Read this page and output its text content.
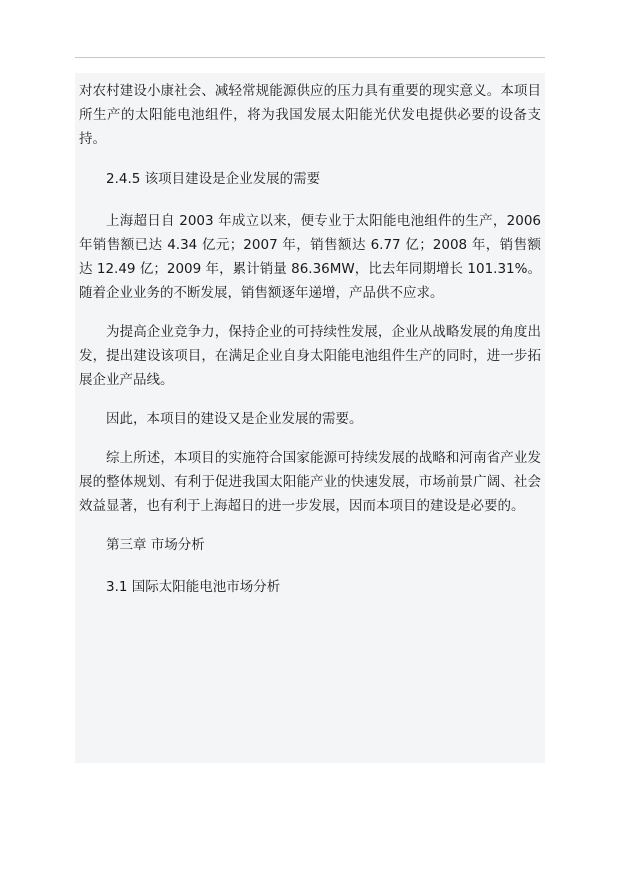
对农村建设小康社会、减轻常规能源供应的压力具有重要的现实意义。本项目所生产的太阳能电池组件，将为我国发展太阳能光伏发电提供必要的设备支持。

2.4.5 该项目建设是企业发展的需要

上海超日自 2003 年成立以来，便专业于太阳能电池组件的生产，2006 年销售额已达 4.34 亿元；2007 年，销售额达 6.77 亿；2008 年，销售额达 12.49 亿；2009 年，累计销量 86.36MW，比去年同期增长 101.31%。随着企业业务的不断发展，销售额逐年递增，产品供不应求。

为提高企业竞争力，保持企业的可持续性发展，企业从战略发展的角度出发，提出建设该项目，在满足企业自身太阳能电池组件生产的同时，进一步拓展企业产品线。

因此，本项目的建设又是企业发展的需要。

综上所述，本项目的实施符合国家能源可持续发展的战略和河南省产业发展的整体规划、有利于促进我国太阳能产业的快速发展，市场前景广阔、社会效益显著，也有利于上海超日的进一步发展，因而本项目的建设是必要的。

第三章 市场分析

3.1 国际太阳能电池市场分析
